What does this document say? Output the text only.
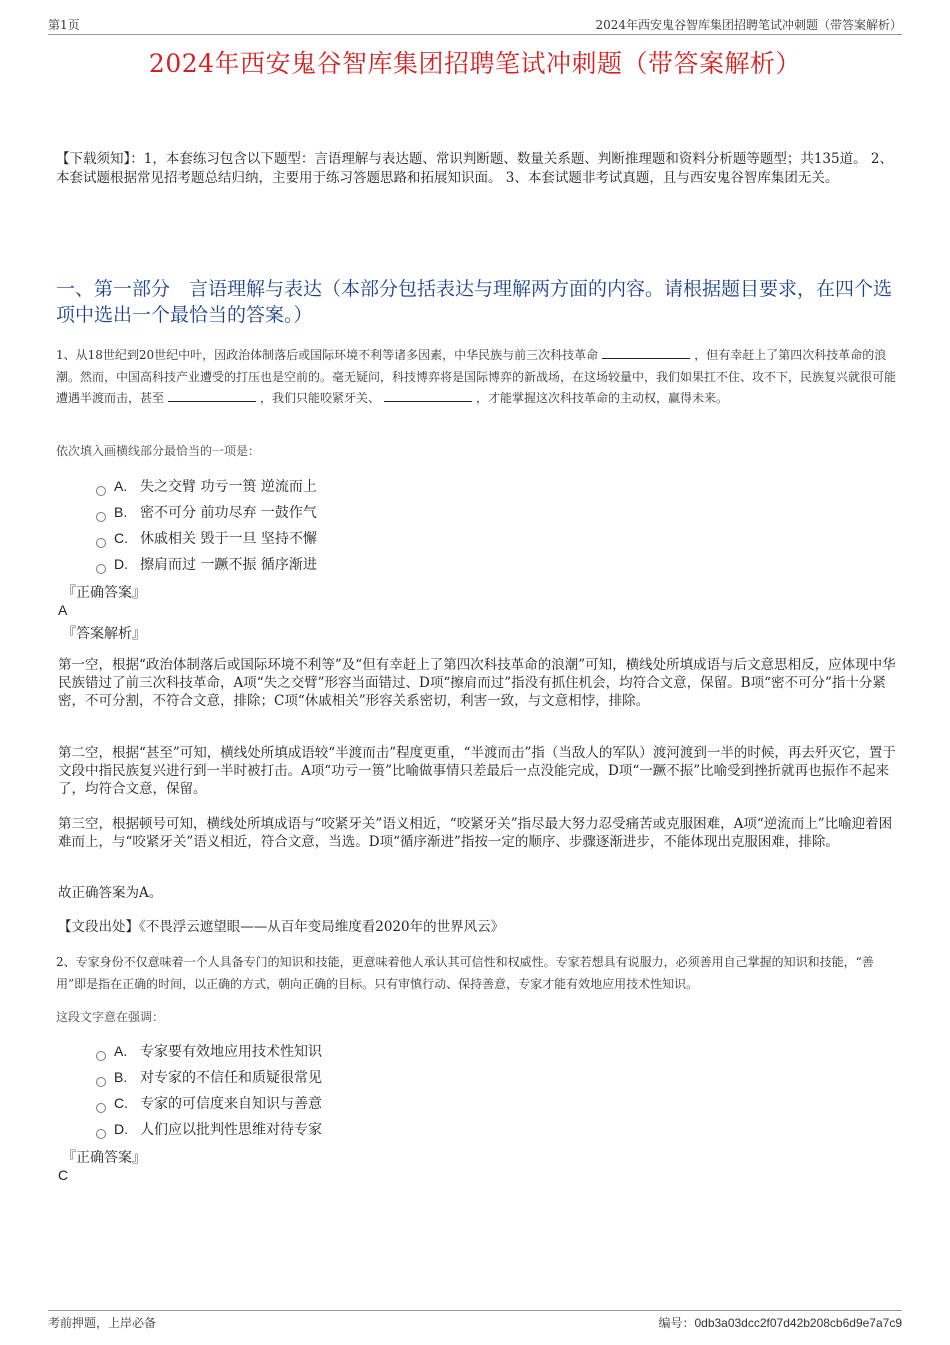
第1页	2024年西安鬼谷智库集团招聘笔试冲刺题（带答案解析）
2024年西安鬼谷智库集团招聘笔试冲刺题（带答案解析）
【下载须知】：1，本套练习包含以下题型：言语理解与表达题、常识判断题、数量关系题、判断推理题和资料分析题等题型；共135道。 2、本套试题根据常见招考题总结归纳，主要用于练习答题思路和拓展知识面。 3、本套试题非考试真题，且与西安鬼谷智库集团无关。
一、第一部分　言语理解与表达（本部分包括表达与理解两方面的内容。请根据题目要求，在四个选项中选出一个最恰当的答案。）
1、从18世纪到20世纪中叶，因政治体制落后或国际环境不利等诸多因素，中华民族与前三次科技革命	，但有幸赶上了第四次科技革命的浪潮。然而，中国高科技产业遭受的打压也是空前的。毫无疑问，科技博弈将是国际博弈的新战场，在这场较量中，我们如果扛不住、攻不下，民族复兴就很可能遭遇半渡而击，甚至	，我们只能咬紧牙关、	，才能掌握这次科技革命的主动权，赢得未来。
依次填入画横线部分最恰当的一项是：
A. 失之交臂 功亏一篑 逆流而上
B. 密不可分 前功尽弃 一鼓作气
C. 休戚相关 毁于一旦 坚持不懈
D. 擦肩而过 一蹶不振 循序渐进
『正确答案』
A
『答案解析』
第一空，根据“政治体制落后或国际环境不利等”及“但有幸赶上了第四次科技革命的浪潮”可知，横线处所填成语与后文意思相反，应体现中华民族错过了前三次科技革命，A项“失之交臂”形容当面错过、D项“擦肩而过”指没有抓住机会，均符合文意，保留。B项“密不可分”指十分紧密，不可分割，不符合文意，排除；C项“休戚相关”形容关系密切，利害一致，与文意相悖，排除。
第二空，根据“甚至”可知，横线处所填成语较“半渡而击”程度更重，“半渡而击”指（当敌人的军队）渡河渡到一半的时候，再去歼灭它，置于文段中指民族复兴进行到一半时被打击。A项“功亏一篑”比喻做事情只差最后一点没能完成，D项“一蹶不振”比喻受到挫折就再也振作不起来了，均符合文意，保留。
第三空，根据顿号可知，横线处所填成语与“咬紧牙关”语义相近，“咬紧牙关”指尽最大努力忍受痛苦或克服困难，A项“逆流而上”比喻迎着困难而上，与“咬紧牙关”语义相近，符合文意，当选。D项“循序渐进”指按一定的顺序、步骤逐渐进步，不能体现出克服困难，排除。
故正确答案为A。
【文段出处】《不畏浮云遮望眼——从百年变局维度看2020年的世界风云》
2、专家身份不仅意味着一个人具备专门的知识和技能，更意味着他人承认其可信性和权威性。专家若想具有说服力，必须善用自己掌握的知识和技能，“善用”即是指在正确的时间，以正确的方式，朝向正确的目标。只有审慎行动、保持善意，专家才能有效地应用技术性知识。
这段文字意在强调：
A. 专家要有效地应用技术性知识
B. 对专家的不信任和质疑很常见
C. 专家的可信度来自知识与善意
D. 人们应以批判性思维对待专家
『正确答案』
C
考前押题，上岸必备	编号：0db3a03dcc2f07d42b208cb6d9e7a7c9
